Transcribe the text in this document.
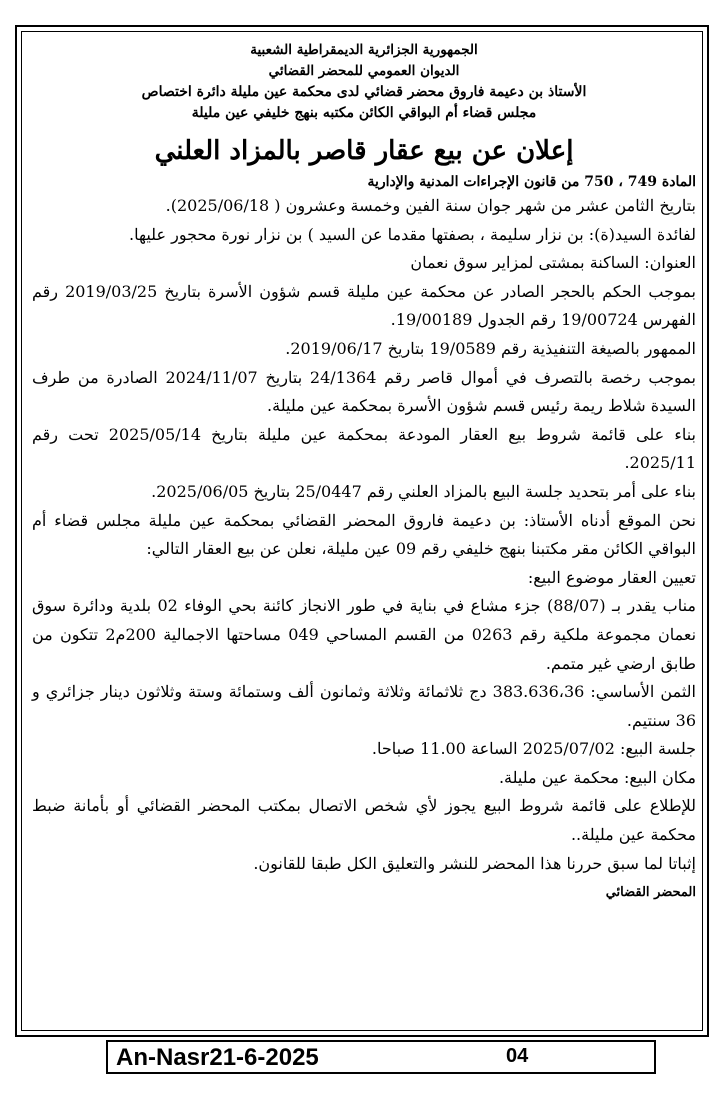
الجمهورية الجزائرية الديمقراطية الشعبية

الديوان العمومي للمحضر القضائي

الأستاذ بن دعيمة فاروق محضر قضائي لدى محكمة عين مليلة دائرة اختصاص

مجلس قضاء أم البواقي الكائن مكتبه بنهج خليفي عين مليلة

إعلان عن بيع عقار قاصر بالمزاد العلني

المادة 749 ، 750 من قانون الإجراءات المدنية والإدارية

بتاريخ الثامن عشر من شهر جوان سنة الفين وخمسة وعشرون ( 2025/06/18).

لفائدة السيد(ة): بن نزار سليمة ، بصفتها مقدما عن السيد ) بن نزار نورة محجور عليها.

العنوان: الساكنة بمشتى لمزاير سوق نعمان

بموجب الحكم بالحجر الصادر عن محكمة عين مليلة قسم شؤون الأسرة بتاريخ 2019/03/25 رقم الفهرس 19/00724 رقم الجدول 19/00189.

الممهور بالصيغة التنفيذية رقم 19/0589 بتاريخ 2019/06/17.

بموجب رخصة بالتصرف في أموال قاصر رقم 24/1364 بتاريخ 2024/11/07 الصادرة من طرف السيدة شلاط ريمة رئيس قسم شؤون الأسرة بمحكمة عين مليلة.

بناء على قائمة شروط بيع العقار المودعة بمحكمة عين مليلة بتاريخ 2025/05/14 تحت رقم 2025/11.

بناء على أمر بتحديد جلسة البيع بالمزاد العلني رقم 25/0447 بتاريخ 2025/06/05.

نحن الموقع أدناه الأستاذ: بن دعيمة فاروق المحضر القضائي بمحكمة عين مليلة مجلس قضاء أم البواقي الكائن مقر مكتبنا بنهج خليفي رقم 09 عين مليلة، نعلن عن بيع العقار التالي:

تعيين العقار موضوع البيع:

مناب يقدر بـ (88/07) جزء مشاع في بناية في طور الانجاز كائنة بحي الوفاء 02 بلدية ودائرة سوق نعمان مجموعة ملكية رقم 0263 من القسم المساحي 049 مساحتها الاجمالية 200م2 تتكون من طابق ارضي غير متمم.

الثمن الأساسي: 383.636،36 دج ثلاثمائة وثلاثة وثمانون ألف وستمائة وستة وثلاثون دينار جزائري و 36 سنتيم.

جلسة البيع: 2025/07/02 الساعة 11.00 صباحا.

مكان البيع: محكمة عين مليلة.

للإطلاع على قائمة شروط البيع يجوز لأي شخص الاتصال بمكتب المحضر القضائي أو بأمانة ضبط محكمة عين مليلة..

إثباتا لما سبق حررنا هذا المحضر للنشر والتعليق الكل طبقا للقانون.

المحضر القضائي
An-Nasr21-6-2025	04
